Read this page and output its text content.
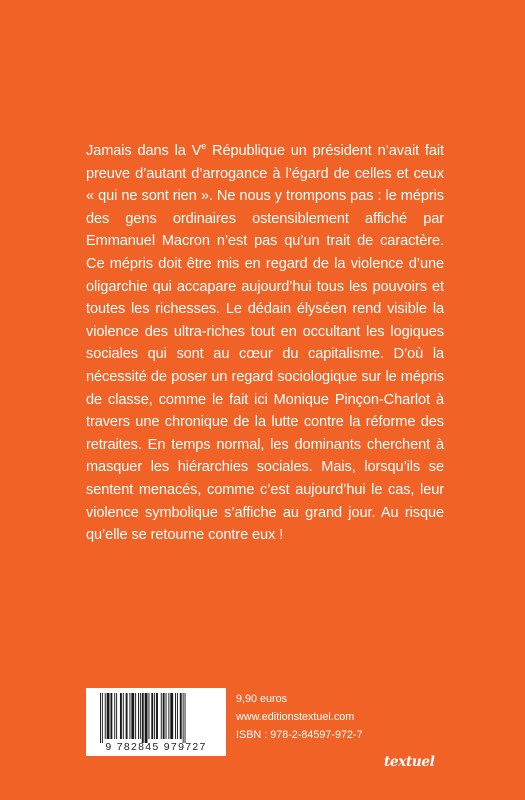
Jamais dans la Ve République un président n’avait fait preuve d’autant d’arrogance à l’égard de celles et ceux « qui ne sont rien ». Ne nous y trompons pas : le mépris des gens ordinaires ostensiblement affiché par Emmanuel Macron n’est pas qu’un trait de caractère. Ce mépris doit être mis en regard de la violence d’une oligarchie qui accapare aujourd’hui tous les pouvoirs et toutes les richesses. Le dédain élyséen rend visible la violence des ultra-riches tout en occultant les logiques sociales qui sont au cœur du capitalisme. D’où la nécessité de poser un regard sociologique sur le mépris de classe, comme le fait ici Monique Pinçon-Charlot à travers une chronique de la lutte contre la réforme des retraites. En temps normal, les dominants cherchent à masquer les hiérarchies sociales. Mais, lorsqu’ils se sentent menacés, comme c’est aujourd’hui le cas, leur violence symbolique s’affiche au grand jour. Au risque qu’elle se retourne contre eux !

9 782845 979727
9,90 euros
www.editionstextuel.com
ISBN : 978-2-84597-972-7
textuel
